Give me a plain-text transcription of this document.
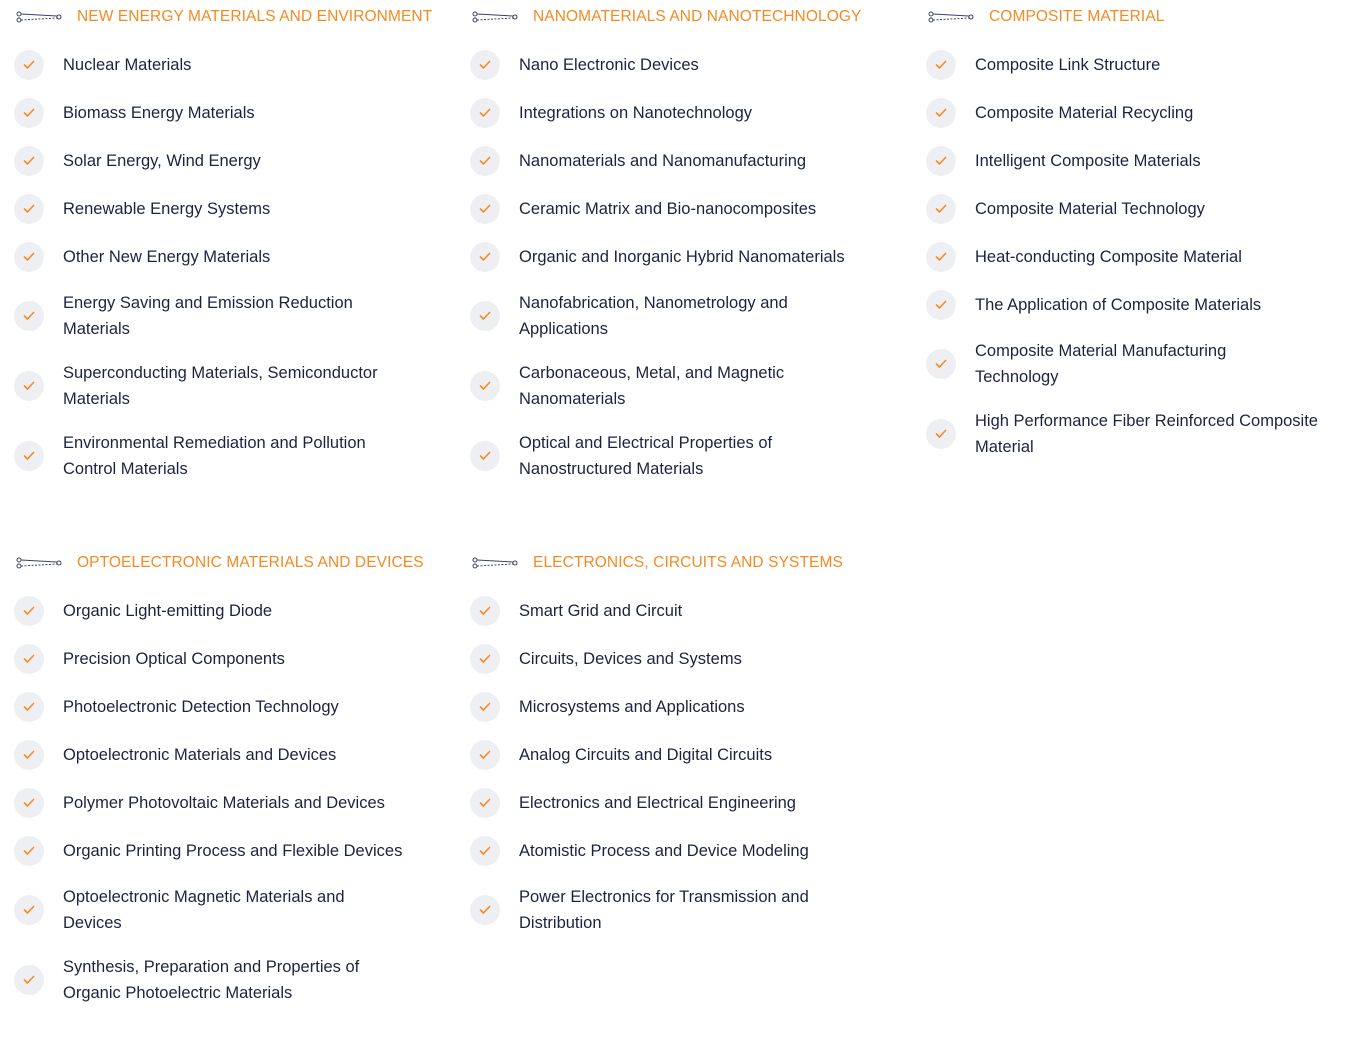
NEW ENERGY MATERIALS AND ENVIRONMENT
Nuclear Materials
Biomass Energy Materials
Solar Energy, Wind Energy
Renewable Energy Systems
Other New Energy Materials
Energy Saving and Emission Reduction Materials
Superconducting Materials, Semiconductor Materials
Environmental Remediation and Pollution Control Materials
NANOMATERIALS AND NANOTECHNOLOGY
Nano Electronic Devices
Integrations on Nanotechnology
Nanomaterials and Nanomanufacturing
Ceramic Matrix and Bio-nanocomposites
Organic and Inorganic Hybrid Nanomaterials
Nanofabrication, Nanometrology and Applications
Carbonaceous, Metal, and Magnetic Nanomaterials
Optical and Electrical Properties of Nanostructured Materials
COMPOSITE MATERIAL
Composite Link Structure
Composite Material Recycling
Intelligent Composite Materials
Composite Material Technology
Heat-conducting Composite Material
The Application of Composite Materials
Composite Material Manufacturing Technology
High Performance Fiber Reinforced Composite Material
OPTOELECTRONIC MATERIALS AND DEVICES
Organic Light-emitting Diode
Precision Optical Components
Photoelectronic Detection Technology
Optoelectronic Materials and Devices
Polymer Photovoltaic Materials and Devices
Organic Printing Process and Flexible Devices
Optoelectronic Magnetic Materials and Devices
Synthesis, Preparation and Properties of Organic Photoelectric Materials
ELECTRONICS, CIRCUITS AND SYSTEMS
Smart Grid and Circuit
Circuits, Devices and Systems
Microsystems and Applications
Analog Circuits and Digital Circuits
Electronics and Electrical Engineering
Atomistic Process and Device Modeling
Power Electronics for Transmission and Distribution
